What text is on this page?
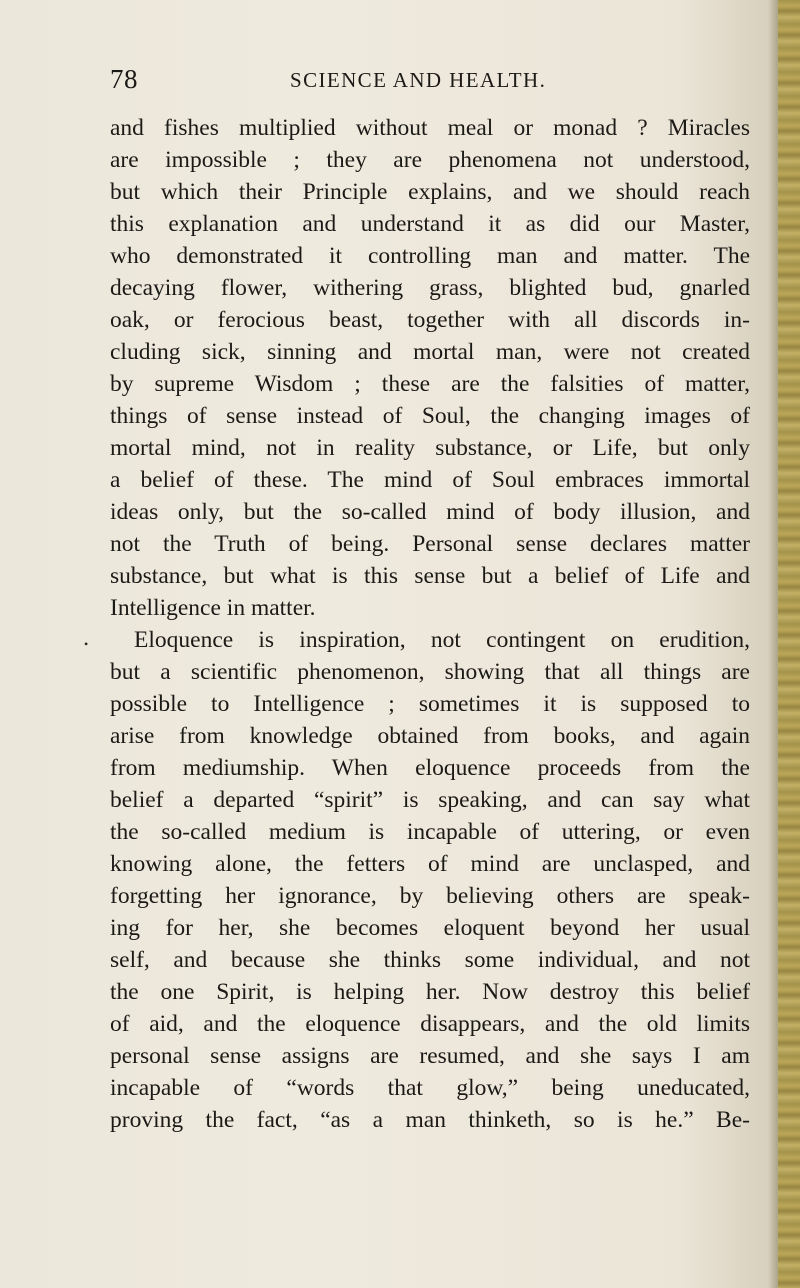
78	SCIENCE AND HEALTH.
•
and fishes multiplied without meal or monad ? Miracles
are impossible ; they are phenomena not understood,
but which their Principle explains, and we should reach
this explanation and understand it as did our Master,
who demonstrated it controlling man and matter. The
decaying flower, withering grass, blighted bud, gnarled
oak, or ferocious beast, together with all discords in-
cluding sick, sinning and mortal man, were not created
by supreme Wisdom ; these are the falsities of matter,
things of sense instead of Soul, the changing images of
mortal mind, not in reality substance, or Life, but only
a belief of these. The mind of Soul embraces immortal
ideas only, but the so-called mind of body illusion, and
not the Truth of being. Personal sense declares matter
substance, but what is this sense but a belief of Life and
Intelligence in matter.
Eloquence is inspiration, not contingent on erudition,
but a scientific phenomenon, showing that all things are
possible to Intelligence ; sometimes it is supposed to
arise from knowledge obtained from books, and again
from mediumship. When eloquence proceeds from the
belief a departed “spirit” is speaking, and can say what
the so-called medium is incapable of uttering, or even
knowing alone, the fetters of mind are unclasped, and
forgetting her ignorance, by believing others are speak-
ing for her, she becomes eloquent beyond her usual
self, and because she thinks some individual, and not
the one Spirit, is helping her. Now destroy this belief
of aid, and the eloquence disappears, and the old limits
personal sense assigns are resumed, and she says I am
incapable of “words that glow,” being uneducated,
proving the fact, “as a man thinketh, so is he.” Be-
